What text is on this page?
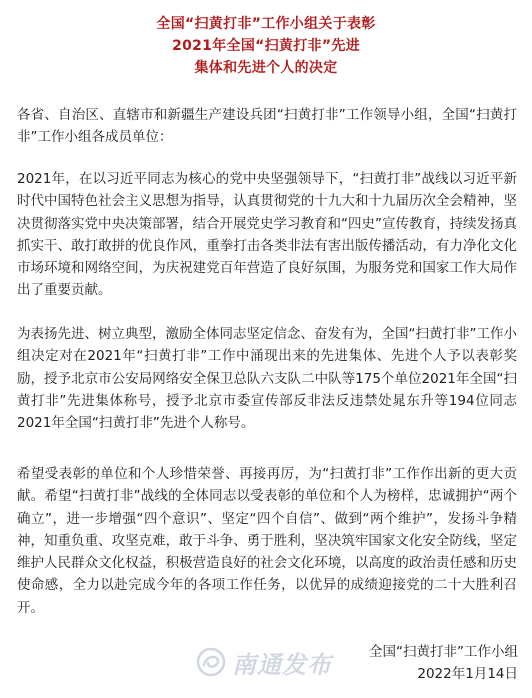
全国“扫黄打非”工作小组关于表彰
2021年全国“扫黄打非”先进
集体和先进个人的决定

各省、自治区、直辖市和新疆生产建设兵团“扫黄打非”工作领导小组，全国“扫黄打非”工作小组各成员单位：

2021年，在以习近平同志为核心的党中央坚强领导下，“扫黄打非”战线以习近平新时代中国特色社会主义思想为指导，认真贯彻党的十九大和十九届历次全会精神，坚决贯彻落实党中央决策部署，结合开展党史学习教育和“四史”宣传教育，持续发扬真抓实干、敢打敢拼的优良作风，重拳打击各类非法有害出版传播活动，有力净化文化市场环境和网络空间，为庆祝建党百年营造了良好氛围，为服务党和国家工作大局作出了重要贡献。

为表扬先进、树立典型，激励全体同志坚定信念、奋发有为，全国“扫黄打非”工作小组决定对在2021年“扫黄打非”工作中涌现出来的先进集体、先进个人予以表彰奖励，授予北京市公安局网络安全保卫总队六支队二中队等175个单位2021年全国“扫黄打非”先进集体称号，授予北京市委宣传部反非法反违禁处晁东升等194位同志2021年全国“扫黄打非”先进个人称号。

希望受表彰的单位和个人珍惜荣誉、再接再厉，为“扫黄打非”工作作出新的更大贡献。希望“扫黄打非”战线的全体同志以受表彰的单位和个人为榜样，忠诚拥护“两个确立”，进一步增强“四个意识”、坚定“四个自信”、做到“两个维护”，发扬斗争精神，知重负重、攻坚克难，敢于斗争、勇于胜利，坚决筑牢国家文化安全防线，坚定维护人民群众文化权益，积极营造良好的社会文化环境，以高度的政治责任感和历史使命感，全力以赴完成今年的各项工作任务，以优异的成绩迎接党的二十大胜利召开。

南通发布	全国“扫黄打非”工作小组
2022年1月14日
